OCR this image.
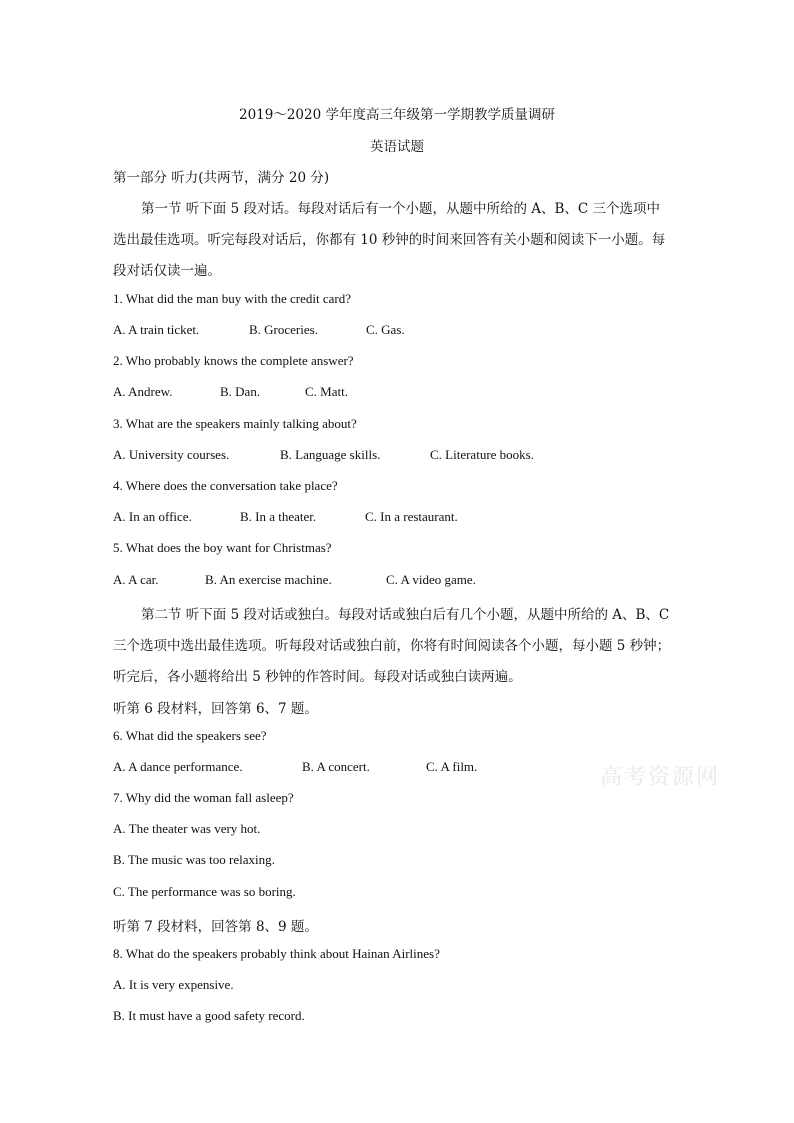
2019～2020 学年度高三年级第一学期教学质量调研
英语试题
第一部分 听力(共两节，满分 20 分)
第一节 听下面 5 段对话。每段对话后有一个小题，从题中所给的 A、B、C 三个选项中
选出最佳选项。听完每段对话后，你都有 10 秒钟的时间来回答有关小题和阅读下一小题。每
段对话仅读一遍。
1. What did the man buy with the credit card?
A. A train ticket.	B. Groceries.	C. Gas.
2. Who probably knows the complete answer?
A. Andrew.	B. Dan.	C. Matt.
3. What are the speakers mainly talking about?
A. University courses.	B. Language skills.	C. Literature books.
4. Where does the conversation take place?
A. In an office.	B. In a theater.	C. In a restaurant.
5. What does the boy want for Christmas?
A. A car.	B. An exercise machine.	C. A video game.
第二节 听下面 5 段对话或独白。每段对话或独白后有几个小题，从题中所给的 A、B、C
三个选项中选出最佳选项。听每段对话或独白前，你将有时间阅读各个小题，每小题 5 秒钟；
听完后，各小题将给出 5 秒钟的作答时间。每段对话或独白读两遍。
听第 6 段材料，回答第 6、7 题。
6. What did the speakers see?
A. A dance performance.	B. A concert.	C. A film.
7. Why did the woman fall asleep?
A. The theater was very hot.
B. The music was too relaxing.
C. The performance was so boring.
听第 7 段材料，回答第 8、9 题。
8. What do the speakers probably think about Hainan Airlines?
A. It is very expensive.
B. It must have a good safety record.
高考资源网
